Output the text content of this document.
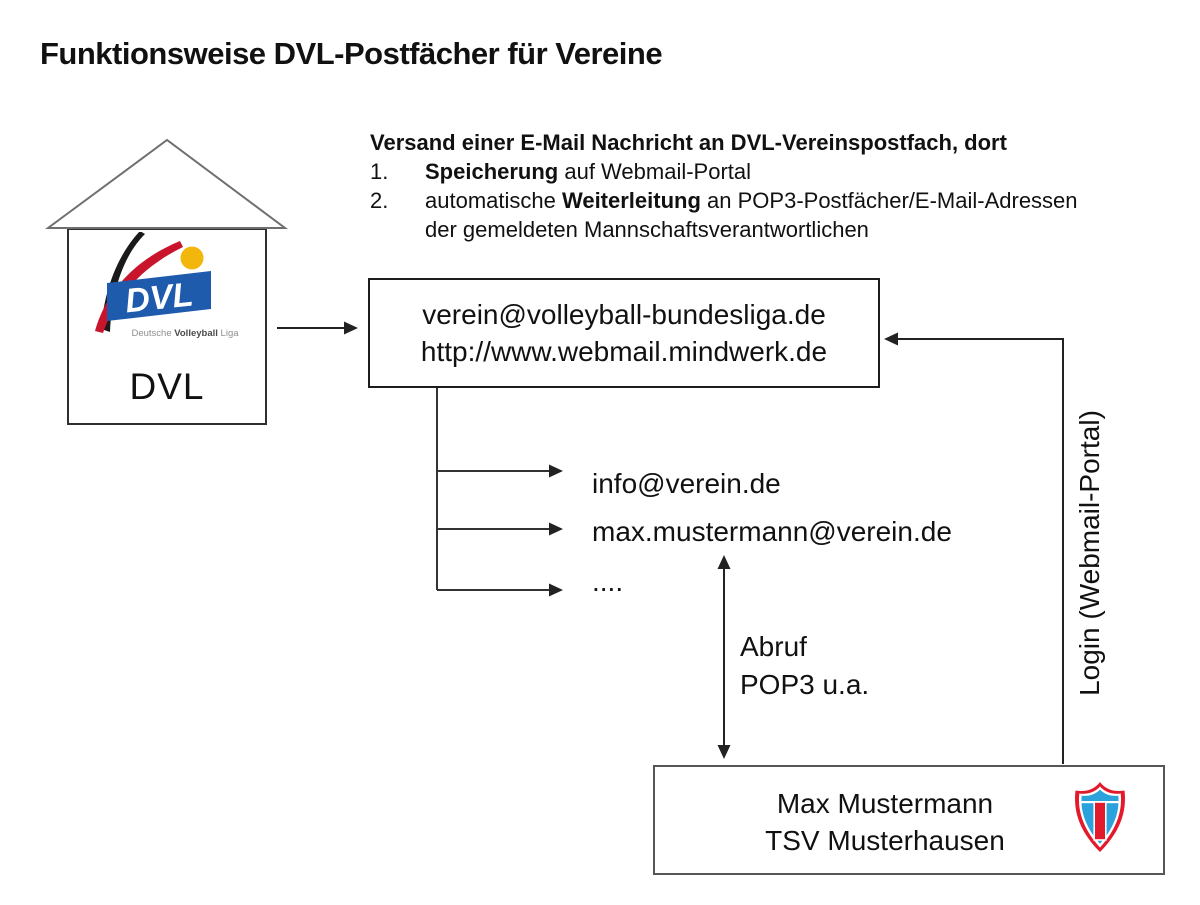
Funktionsweise DVL-Postfächer für Vereine
DVL
Deutsche Volleyball Liga
DVL
Versand einer E-Mail Nachricht an DVL-Vereinspostfach, dort
1.	Speicherung auf Webmail-Portal
2.	automatische Weiterleitung an POP3-Postfächer/E-Mail-Adressen
der gemeldeten Mannschaftsverantwortlichen
verein@volleyball-bundesliga.de
http://www.webmail.mindwerk.de
info@verein.de
max.mustermann@verein.de
....
Abruf
POP3 u.a.	Login (Webmail-Portal)
Max Mustermann
TSV Musterhausen
